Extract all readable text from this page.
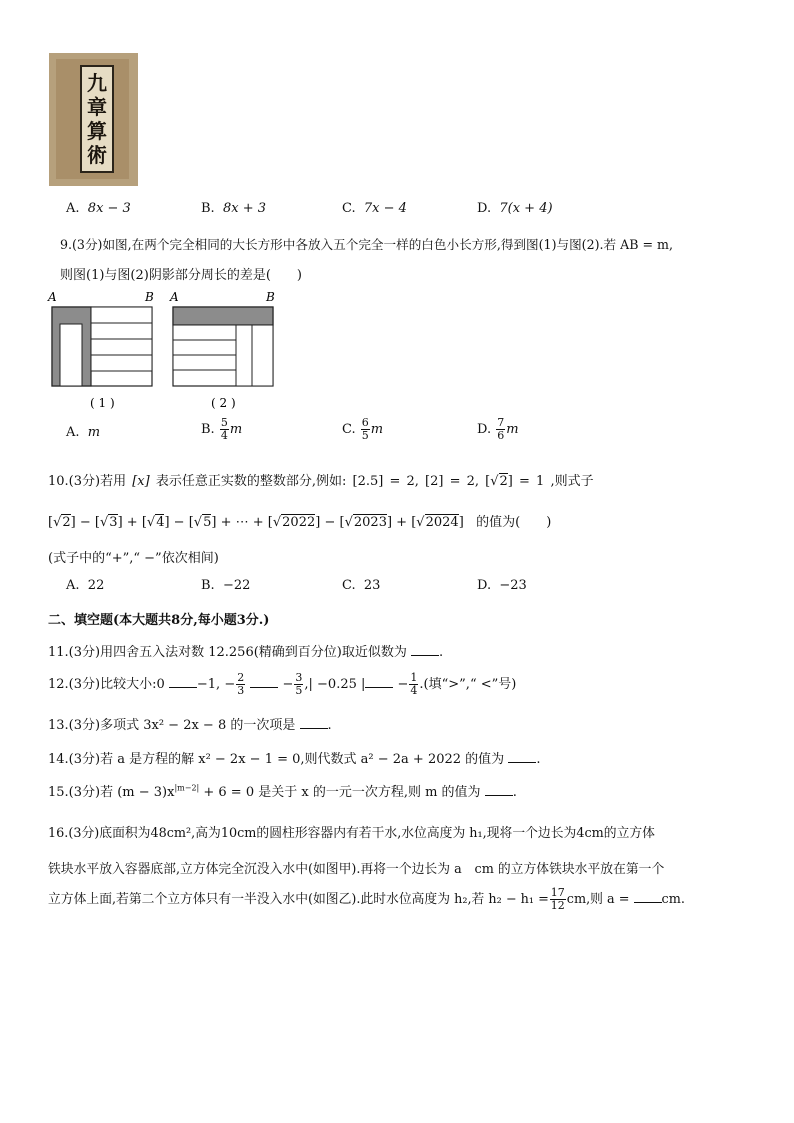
九章算術
A. 8x − 3	B. 8x + 3	C. 7x − 4	D. 7(x + 4)
9.(3分)如图,在两个完全相同的大长方形中各放入五个完全一样的白色小长方形,得到图(1)与图(2).若 AB = m,
则图(1)与图(2)阴影部分周长的差是(　　)
A	B
( 1 )
A	B
( 2 )
A. m	B. $\frac{5}{4}$ m	C. $\frac{6}{5}$ m	D. $\frac{7}{6}$ m
10.(3分)若用 [x] 表示任意正实数的整数部分,例如: [2.5] = 2, [2] = 2, [√2] = 1 ,则式子
[√2] − [√3] + [√4] − [√5] + ⋯ + [√2022] − [√2023] + [√2024] 的值为(　　)
(式子中的“+”,“ −”依次相间)
A. 22	B. −22	C. 23	D. −23
二、填空题(本大题共8分,每小题3分.)
11.(3分)用四舍五入法对数 12.256(精确到百分位)取近似数为 .
12.(3分)比较大小:0 −1, − $\frac{2}{3}$	− $\frac{3}{5}$ ,| −0.25 | − $\frac{1}{4}$ .(填“>”,“ <”号)
13.(3分)多项式 3x² − 2x − 8 的一次项是 .
14.(3分)若 a 是方程的解 x² − 2x − 1 = 0,则代数式 a² − 2a + 2022 的值为 .
15.(3分)若 $(m - 3)x^{|m-2|} + 6 = 0$ 是关于 x 的一元一次方程,则 m 的值为 .
16.(3分)底面积为48cm²,高为10cm的圆柱形容器内有若干水,水位高度为 h₁,现将一个边长为4cm的立方体
铁块水平放入容器底部,立方体完全沉没入水中(如图甲).再将一个边长为 a　cm 的立方体铁块水平放在第一个
立方体上面,若第二个立方体只有一半没入水中(如图乙).此时水位高度为 h₂,若 $h_2 - h_1 = \frac{17}{12}$ cm,则 a =	cm.
